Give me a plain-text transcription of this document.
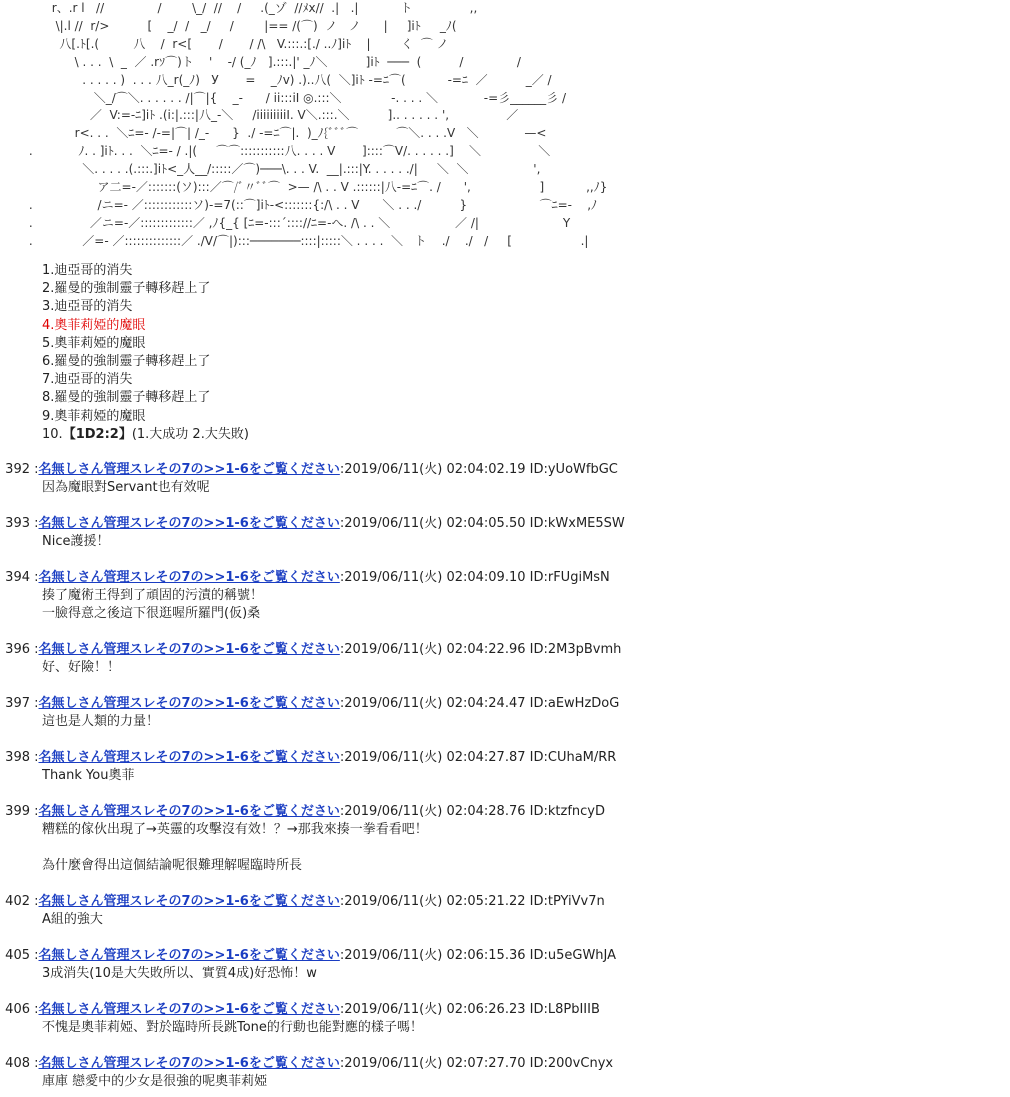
r、.r l   //              /        \_/  //    /     .(_ゾ  //ﾒx//  .|   .|           ト               ,,
\|.l //  r/>          [    _/  /   _/     /        |== /(⌒)  ノ   ノ      |     ]iﾄ     _ﾉ(
八[.ﾄ[.(         八    /  r<[       /       / /\   V.:::.:[./ ..ﾉ]iﾄ    |        く  ⌒ ノ
\ . . .  \  _  ／ .rｿ⌒)ト    '    -/ (_ﾉ   ].:::.|' _ﾉ＼          ]iﾄ  ───  (          /              /
. . . . . )  . . . 八_r(_ﾉ)   У       =    _ﾉv) .)..八(  ＼]iﾄ -=ﾆ⌒(           -=ﾆ  ／          _／ /
＼_/⌒＼. . . . . . /|⌒|{    _-      / ii:::iI ◎.:::＼             -. . . . ＼            -=彡______彡 /
／  V:=-ﾆ]iﾄ .(i:|.:::|八_-＼     /iiiiiiiiiI. V＼.:::.＼          ].. . . . . . ',               ／
r<. . .  ＼ﾆ=- /-=|⌒| /_-      }  ./ -=ﾆ⌒|.  )_ﾉ{ﾞﾞﾞ⌒          ⌒＼. . . .V   ＼            —<
.            ﾉ. . ]iﾄ. . .  ＼ﾆ=- / .|(     ⌒⌒:::::::::::八. . . . V       ]::::⌒V/. . . . . .]    ＼               ＼
＼. . . . .(.:::.]iﾄ<_人__/:::::／⌒)───\. . . V.  __|.:::|Y. . . . . ./|     ＼  ＼                 ',
ア二=-／:::::::(ソ):::／⌒/ﾞ〃ﾞﾞ⌒  >— /\ . . V .::::::|八-=ﾆ⌒. /      ',                  ]           ,,ﾉ}
.                 /ニ=- ／::::::::::::ソ)-=7(::⌒]iﾄ-<:::::::{:/\ . . V      ＼ . . ./          }                   ⌒ﾆ=-    ,ﾉ
.               ／ニ=-／:::::::::::::／ ,ﾉ{_{ [ﾆ=-:::´:::://ﾆ=-へ. /\ . . ＼                 ／ /|                      Y
.             ／=- ／::::::::::::::／ ./V/⌒|):::───────::::|:::::＼ . . . .  ＼   ト    ./    ./   /     [                  .|
1.迪亞哥的消失
2.羅曼的強制靈子轉移趕上了
3.迪亞哥的消失
4.奧菲莉婭的魔眼
5.奧菲莉婭的魔眼
6.羅曼的強制靈子轉移趕上了
7.迪亞哥的消失
8.羅曼的強制靈子轉移趕上了
9.奧菲莉婭的魔眼
10.【1D2:2】(1.大成功 2.大失敗)
392 :名無しさん管理スレその7の>>1-6をご覧ください:2019/06/11(火) 02:04:02.19 ID:yUoWfbGC
因為魔眼對Servant也有效呢
393 :名無しさん管理スレその7の>>1-6をご覧ください:2019/06/11(火) 02:04:05.50 ID:kWxME5SW
Nice護援！
394 :名無しさん管理スレその7の>>1-6をご覧ください:2019/06/11(火) 02:04:09.10 ID:rFUgiMsN
揍了魔術王得到了頑固的污漬的稱號！
一臉得意之後這下很逛喔所羅門(仮)桑
396 :名無しさん管理スレその7の>>1-6をご覧ください:2019/06/11(火) 02:04:22.96 ID:2M3pBvmh
好、好險！！
397 :名無しさん管理スレその7の>>1-6をご覧ください:2019/06/11(火) 02:04:24.47 ID:aEwHzDoG
這也是人類的力量！
398 :名無しさん管理スレその7の>>1-6をご覧ください:2019/06/11(火) 02:04:27.87 ID:CUhaM/RR
Thank You奧菲
399 :名無しさん管理スレその7の>>1-6をご覧ください:2019/06/11(火) 02:04:28.76 ID:ktzfncyD
糟糕的傢伙出現了→英靈的攻擊沒有效！？→那我來揍一拳看看吧！
為什麼會得出這個結論呢很難理解喔臨時所長
402 :名無しさん管理スレその7の>>1-6をご覧ください:2019/06/11(火) 02:05:21.22 ID:tPYiVv7n
A組的強大
405 :名無しさん管理スレその7の>>1-6をご覧ください:2019/06/11(火) 02:06:15.36 ID:u5eGWhJA
3成消失(10是大失敗所以、實質4成)好恐怖！w
406 :名無しさん管理スレその7の>>1-6をご覧ください:2019/06/11(火) 02:06:26.23 ID:L8PbIIIB
不愧是奧菲莉婭、對於臨時所長跳Tone的行動也能對應的樣子嗎！
408 :名無しさん管理スレその7の>>1-6をご覧ください:2019/06/11(火) 02:07:27.70 ID:200vCnyx
庫庫 戀愛中的少女是很強的呢奧菲莉婭
